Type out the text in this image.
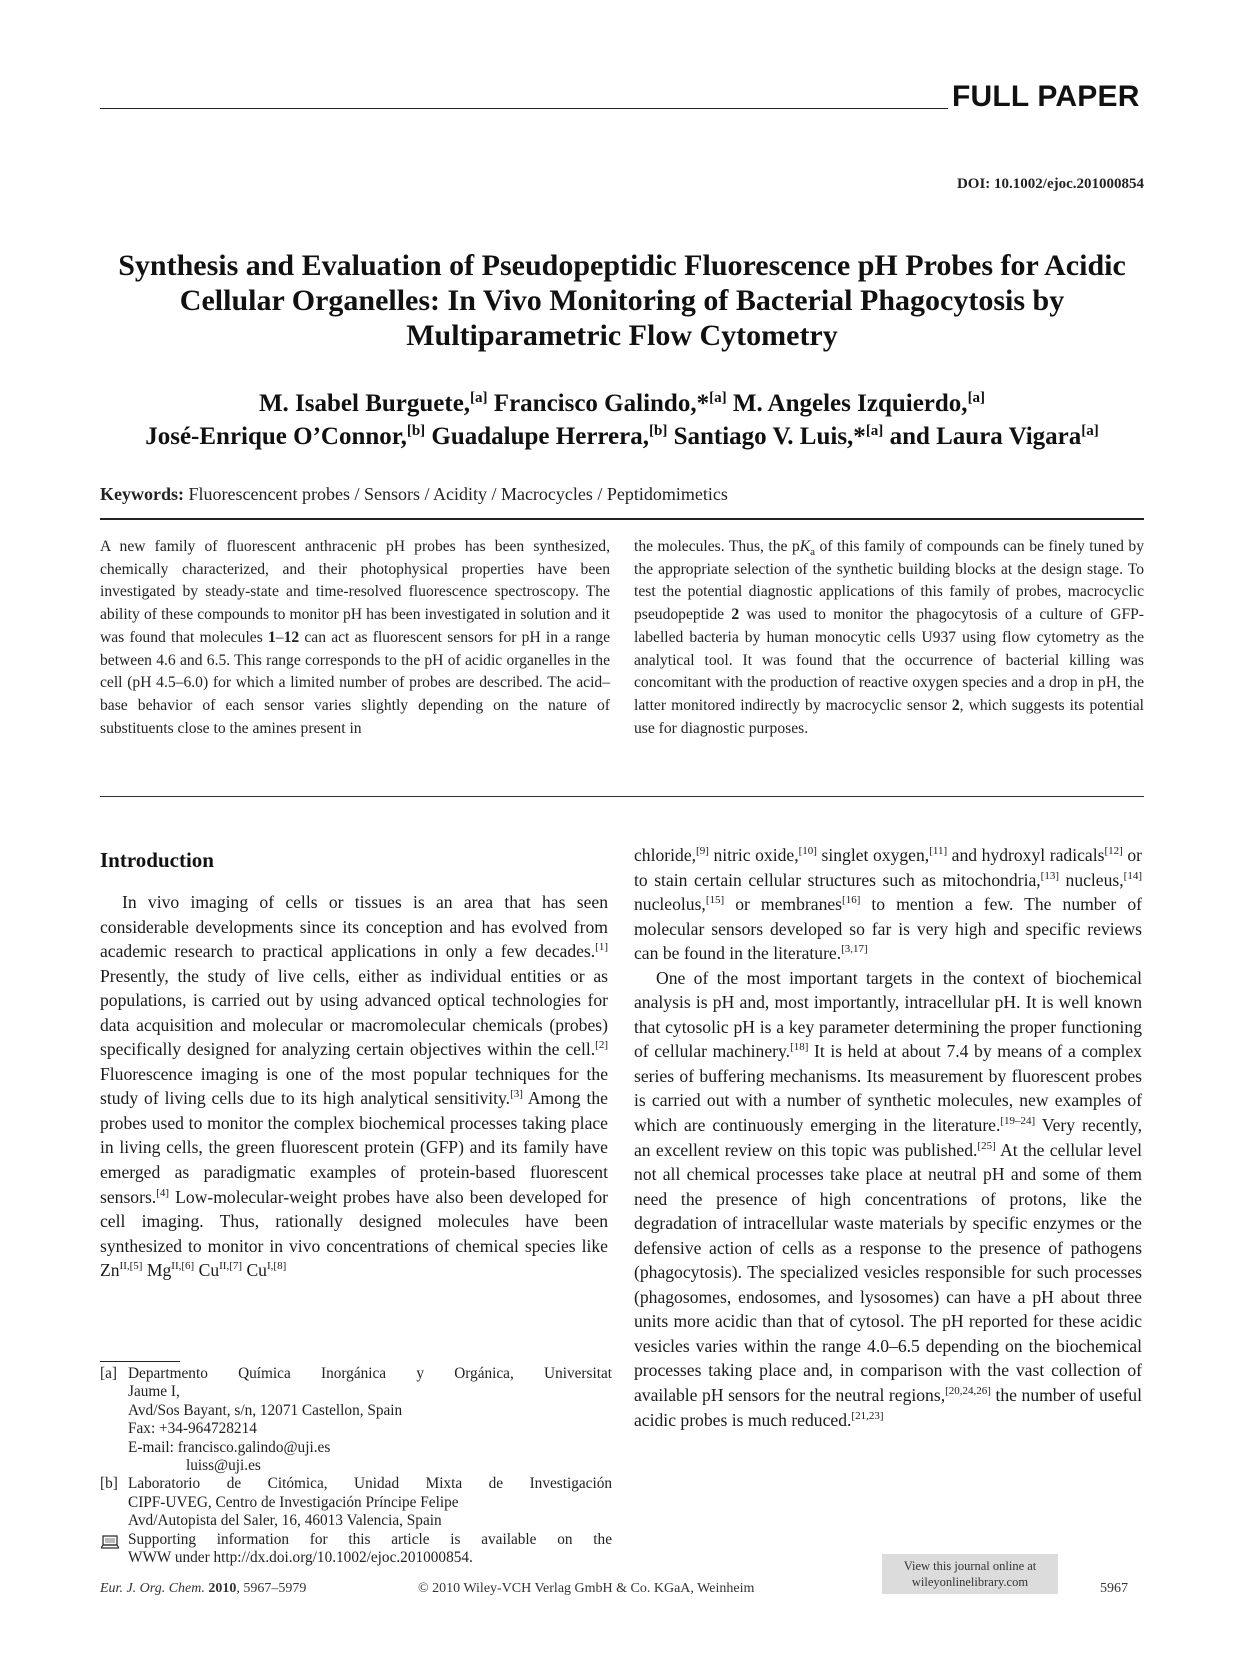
FULL PAPER
DOI: 10.1002/ejoc.201000854
Synthesis and Evaluation of Pseudopeptidic Fluorescence pH Probes for Acidic
Cellular Organelles: In Vivo Monitoring of Bacterial Phagocytosis by
Multiparametric Flow Cytometry
M. Isabel Burguete,[a] Francisco Galindo,*[a] M. Angeles Izquierdo,[a]
José-Enrique O’Connor,[b] Guadalupe Herrera,[b] Santiago V. Luis,*[a] and Laura Vigara[a]
Keywords: Fluorescencent probes / Sensors / Acidity / Macrocycles / Peptidomimetics
A new family of fluorescent anthracenic pH probes has been synthesized, chemically characterized, and their photophysical properties have been investigated by steady-state and time-resolved fluorescence spectroscopy. The ability of these compounds to monitor pH has been investigated in solution and it was found that molecules 1–12 can act as fluorescent sensors for pH in a range between 4.6 and 6.5. This range corresponds to the pH of acidic organelles in the cell (pH 4.5–6.0) for which a limited number of probes are described. The acid–base behavior of each sensor varies slightly depending on the nature of substituents close to the amines present in
the molecules. Thus, the $pK_a$ of this family of compounds can be finely tuned by the appropriate selection of the synthetic building blocks at the design stage. To test the potential diagnostic applications of this family of probes, macrocyclic pseudopeptide 2 was used to monitor the phagocytosis of a culture of GFP-labelled bacteria by human monocytic cells U937 using flow cytometry as the analytical tool. It was found that the occurrence of bacterial killing was concomitant with the production of reactive oxygen species and a drop in pH, the latter monitored indirectly by macrocyclic sensor 2, which suggests its potential use for diagnostic purposes.
Introduction

In vivo imaging of cells or tissues is an area that has seen considerable developments since its conception and has evolved from academic research to practical applications in only a few decades.[1] Presently, the study of live cells, either as individual entities or as populations, is carried out by using advanced optical technologies for data acquisition and molecular or macromolecular chemicals (probes) specifically designed for analyzing certain objectives within the cell.[2] Fluorescence imaging is one of the most popular techniques for the study of living cells due to its high analytical sensitivity.[3] Among the probes used to monitor the complex biochemical processes taking place in living cells, the green fluorescent protein (GFP) and its family have emerged as paradigmatic examples of protein-based fluorescent sensors.[4] Low-molecular-weight probes have also been developed for cell imaging. Thus, rationally designed molecules have been synthesized to monitor in vivo concentrations of chemical species like Zn$^{II,[5]}$ Mg$^{II,[6]}$ Cu$^{II,[7]}$ Cu$^{I,[8]}$

chloride,[9] nitric oxide,[10] singlet oxygen,[11] and hydroxyl radicals[12] or to stain certain cellular structures such as mitochondria,[13] nucleus,[14] nucleolus,[15] or membranes[16] to mention a few. The number of molecular sensors developed so far is very high and specific reviews can be found in the literature.[3,17]

One of the most important targets in the context of biochemical analysis is pH and, most importantly, intracellular pH. It is well known that cytosolic pH is a key parameter determining the proper functioning of cellular machinery.[18] It is held at about 7.4 by means of a complex series of buffering mechanisms. Its measurement by fluorescent probes is carried out with a number of synthetic molecules, new examples of which are continuously emerging in the literature.[19–24] Very recently, an excellent review on this topic was published.[25] At the cellular level not all chemical processes take place at neutral pH and some of them need the presence of high concentrations of protons, like the degradation of intracellular waste materials by specific enzymes or the defensive action of cells as a response to the presence of pathogens (phagocytosis). The specialized vesicles responsible for such processes (phagosomes, endosomes, and lysosomes) can have a pH about three units more acidic than that of cytosol. The pH reported for these acidic vesicles varies within the range 4.0–6.5 depending on the biochemical processes taking place and, in comparison with the vast collection of available pH sensors for the neutral regions,[20,24,26] the number of useful acidic probes is much reduced.[21,23]

[a] Departmento Química Inorgánica y Orgánica, Universitat
Jaume I,
Avd/Sos Bayant, s/n, 12071 Castellon, Spain
Fax: +34-964728214
E-mail: francisco.galindo@uji.es
luiss@uji.es
[b] Laboratorio de Citómica, Unidad Mixta de Investigación
CIPF-UVEG, Centro de Investigación Príncipe Felipe
Avd/Autopista del Saler, 16, 46013 Valencia, Spain
Supporting information for this article is available on the
WWW under http://dx.doi.org/10.1002/ejoc.201000854.	View this journal online at
wileyonlinelibrary.com
Eur. J. Org. Chem. 2010, 5967–5979	© 2010 Wiley-VCH Verlag GmbH & Co. KGaA, Weinheim	5967
